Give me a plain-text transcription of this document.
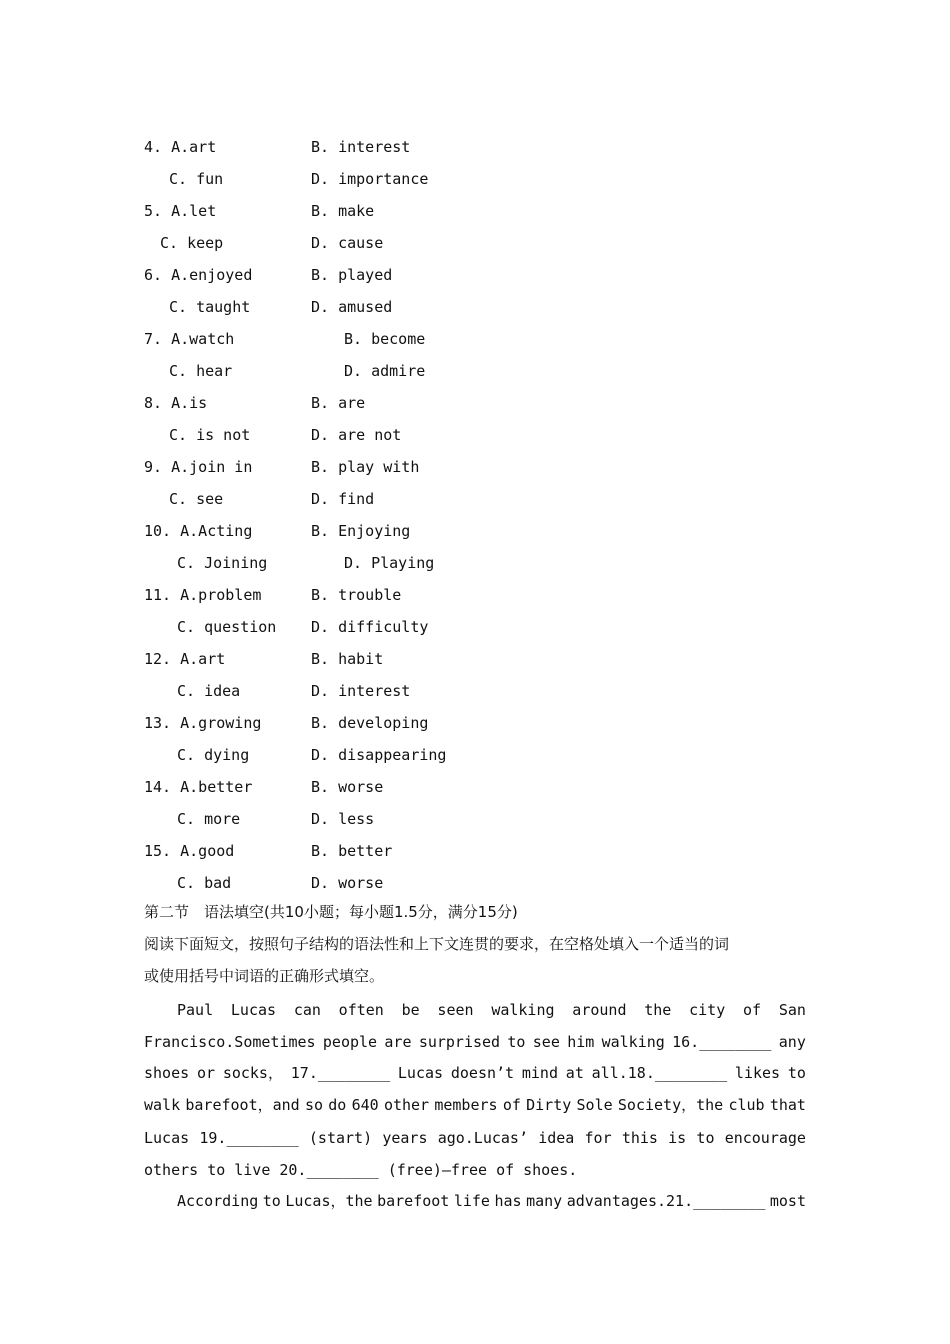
4. A.art	B. interest
C. fun	D. importance
5. A.let	B. make
C. keep	D. cause
6. A.enjoyed	B. played
C. taught	D. amused
7. A.watch	B. become
C. hear	D. admire
8. A.is	B. are
C. is not	D. are not
9. A.join in	B. play with
C. see	D. find
10. A.Acting	B. Enjoying
C. Joining	D. Playing
11. A.problem	B. trouble
C. question D. difficulty
12. A.art	B. habit
C. idea	D. interest
13. A.growing	B. developing
C. dying	D. disappearing
14. A.better	B. worse
C. more	D. less
15. A.good	B. better
C. bad	D. worse
第二节　语法填空(共10小题；每小题1.5分，满分15分)
阅读下面短文，按照句子结构的语法性和上下文连贯的要求，在空格处填入一个适当的词
或使用括号中词语的正确形式填空。
Paul Lucas can often be seen walking around the city of San
Francisco.Sometimes people are surprised to see him walking 16.________ any
shoes or socks， 17.________ Lucas doesn’t mind at all.18.________ likes to
walk barefoot，and so do 640 other members of Dirty Sole Society，the club that
Lucas 19.________ (start) years ago.Lucas’ idea for this is to encourage
others to live 20.________ (free)—free of shoes.
According to Lucas，the barefoot life has many advantages.21.________ most
